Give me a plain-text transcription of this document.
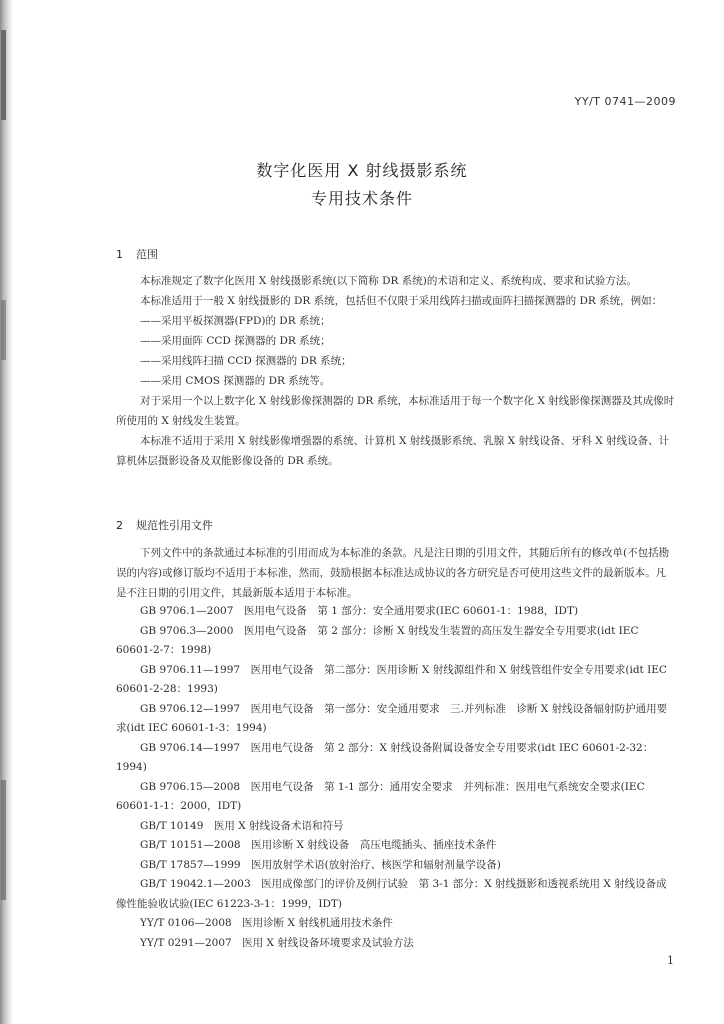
YY/T 0741—2009
数字化医用 X 射线摄影系统
专用技术条件
1 范围

本标准规定了数字化医用 X 射线摄影系统(以下简称 DR 系统)的术语和定义、系统构成、要求和试验方法。

本标准适用于一般 X 射线摄影的 DR 系统，包括但不仅限于采用线阵扫描或面阵扫描探测器的 DR 系统，例如：

——采用平板探测器(FPD)的 DR 系统；

——采用面阵 CCD 探测器的 DR 系统；

——采用线阵扫描 CCD 探测器的 DR 系统；

——采用 CMOS 探测器的 DR 系统等。

对于采用一个以上数字化 X 射线影像探测器的 DR 系统，本标准适用于每一个数字化 X 射线影像探测器及其成像时所使用的 X 射线发生装置。

本标准不适用于采用 X 射线影像增强器的系统、计算机 X 射线摄影系统、乳腺 X 射线设备、牙科 X 射线设备、计算机体层摄影设备及双能影像设备的 DR 系统。

2 规范性引用文件

下列文件中的条款通过本标准的引用而成为本标准的条款。凡是注日期的引用文件，其随后所有的修改单(不包括勘误的内容)或修订版均不适用于本标准，然而，鼓励根据本标准达成协议的各方研究是否可使用这些文件的最新版本。凡是不注日期的引用文件，其最新版本适用于本标准。

GB 9706.1—2007　医用电气设备　第 1 部分：安全通用要求(IEC 60601-1：1988，IDT)

GB 9706.3—2000　医用电气设备　第 2 部分：诊断 X 射线发生装置的高压发生器安全专用要求(idt IEC 60601-2-7：1998)

GB 9706.11—1997　医用电气设备　第二部分：医用诊断 X 射线源组件和 X 射线管组件安全专用要求(idt IEC 60601-2-28：1993)

GB 9706.12—1997　医用电气设备　第一部分：安全通用要求　三.并列标准　诊断 X 射线设备辐射防护通用要求(idt IEC 60601-1-3：1994)

GB 9706.14—1997　医用电气设备　第 2 部分：X 射线设备附属设备安全专用要求(idt IEC 60601-2-32：1994)

GB 9706.15—2008　医用电气设备　第 1-1 部分：通用安全要求　并列标准：医用电气系统安全要求(IEC 60601-1-1：2000，IDT)

GB/T 10149　医用 X 射线设备术语和符号

GB/T 10151—2008　医用诊断 X 射线设备　高压电缆插头、插座技术条件

GB/T 17857—1999　医用放射学术语(放射治疗、核医学和辐射剂量学设备)

GB/T 19042.1—2003　医用成像部门的评价及例行试验　第 3-1 部分：X 射线摄影和透视系统用 X 射线设备成像性能验收试验(IEC 61223-3-1：1999，IDT)

YY/T 0106—2008　医用诊断 X 射线机通用技术条件

YY/T 0291—2007　医用 X 射线设备环境要求及试验方法

1
